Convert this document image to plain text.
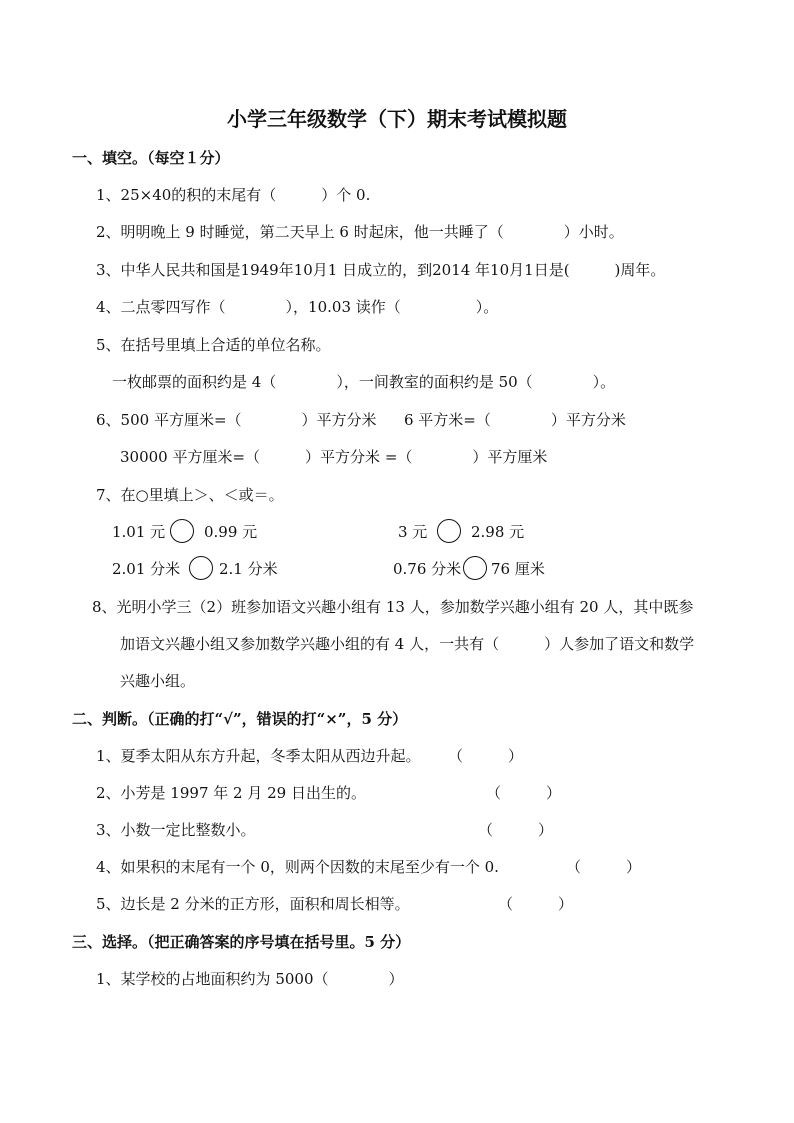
小学三年级数学（下）期末考试模拟题
一、填空。（每空１分）
1、25×40的积的末尾有（　　　）个 0.
2、明明晚上 9 时睡觉，第二天早上 6 时起床，他一共睡了（　　　　）小时。
3、中华人民共和国是1949年10月1 日成立的，到2014 年10月1日是(　　　)周年。
4、二点零四写作（　　　　），10.03 读作（　　　　　）。
5、在括号里填上合适的单位名称。
一枚邮票的面积约是 4（　　　　），一间教室的面积约是 50（　　　　）。
6、500 平方厘米=（　　　　）平方分米 6 平方米=（　　　　）平方分米
30000 平方厘米=（　　　）平方分米 =（　　　　）平方厘米
7、在○里填上＞、＜或＝。
1.01 元	0.99 元	3 元	2.98 元
2.01 分米	2.1 分米	0.76 分米 76 厘米
8、光明小学三（2）班参加语文兴趣小组有 13 人，参加数学兴趣小组有 20 人，其中既参
加语文兴趣小组又参加数学兴趣小组的有 4 人，一共有（　　　）人参加了语文和数学
兴趣小组。
二、判断。（正确的打“√”，错误的打“×”，5 分）
1、夏季太阳从东方升起，冬季太阳从西边升起。 （　　　）
2、小芳是 1997 年 2 月 29 日出生的。	（　　　）
3、小数一定比整数小。	（　　　）
4、如果积的末尾有一个 0，则两个因数的末尾至少有一个 0.	（　　　）
5、边长是 2 分米的正方形，面积和周长相等。	（　　　）
三、选择。（把正确答案的序号填在括号里。5 分）
1、某学校的占地面积约为 5000（　　　　）
